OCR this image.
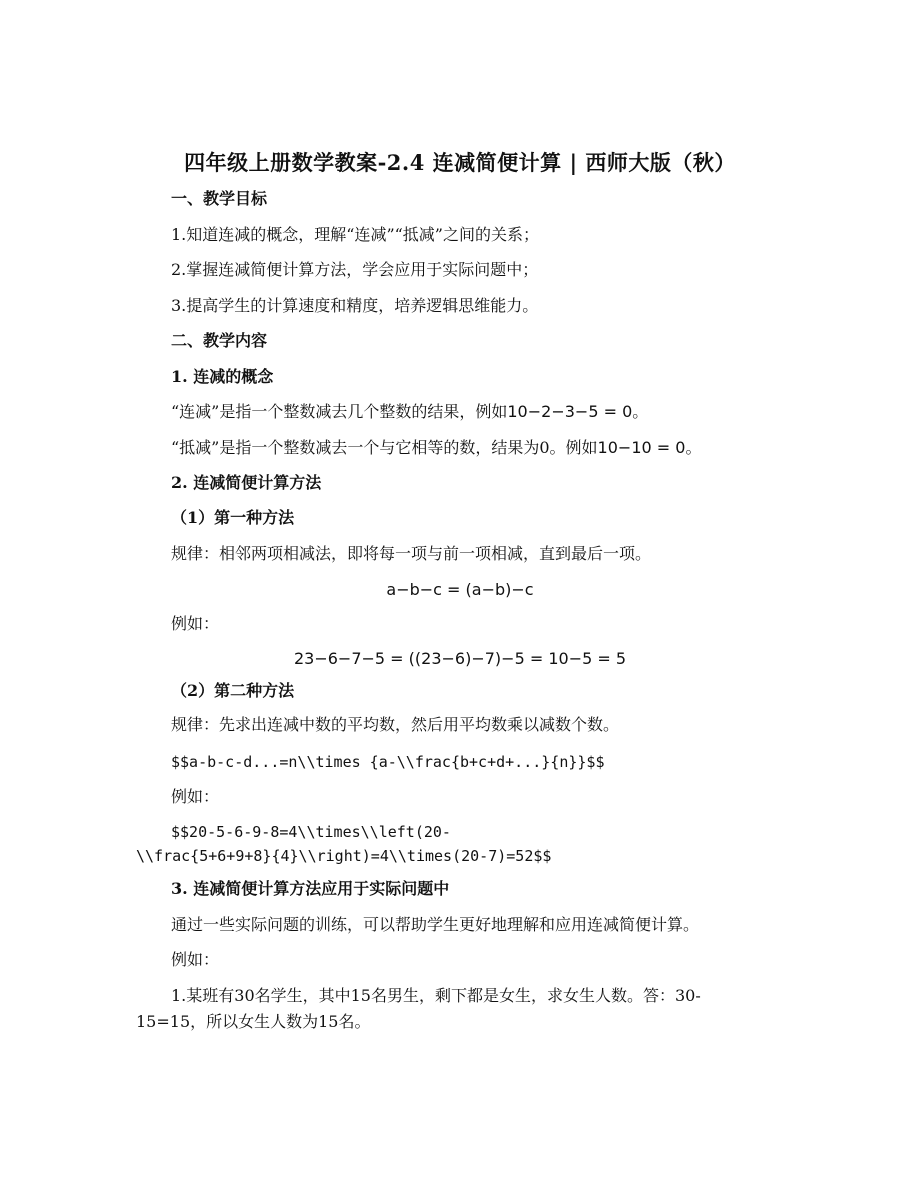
四年级上册数学教案-2.4 连减简便计算 | 西师大版（秋）
一、教学目标
1.知道连减的概念，理解“连减”“抵减”之间的关系；
2.掌握连减简便计算方法，学会应用于实际问题中；
3.提高学生的计算速度和精度，培养逻辑思维能力。
二、教学内容
1. 连减的概念
“连减”是指一个整数减去几个整数的结果，例如10−2−3−5 = 0。
“抵减”是指一个整数减去一个与它相等的数，结果为0。例如10−10 = 0。
2. 连减简便计算方法
（1）第一种方法
规律：相邻两项相减法，即将每一项与前一项相减，直到最后一项。
a−b−c = (a−b)−c
例如：
23−6−7−5 = ((23−6)−7)−5 = 10−5 = 5
（2）第二种方法
规律：先求出连减中数的平均数，然后用平均数乘以减数个数。
$$a-b-c-d...=n\\times {a-\\frac{b+c+d+...}{n}}$$
例如：
$$20-5-6-9-8=4\\times\\left(20-
\\frac{5+6+9+8}{4}\\right)=4\\times(20-7)=52$$
3. 连减简便计算方法应用于实际问题中
通过一些实际问题的训练，可以帮助学生更好地理解和应用连减简便计算。
例如：
1.某班有30名学生，其中15名男生，剩下都是女生，求女生人数。答：30-
15=15，所以女生人数为15名。
